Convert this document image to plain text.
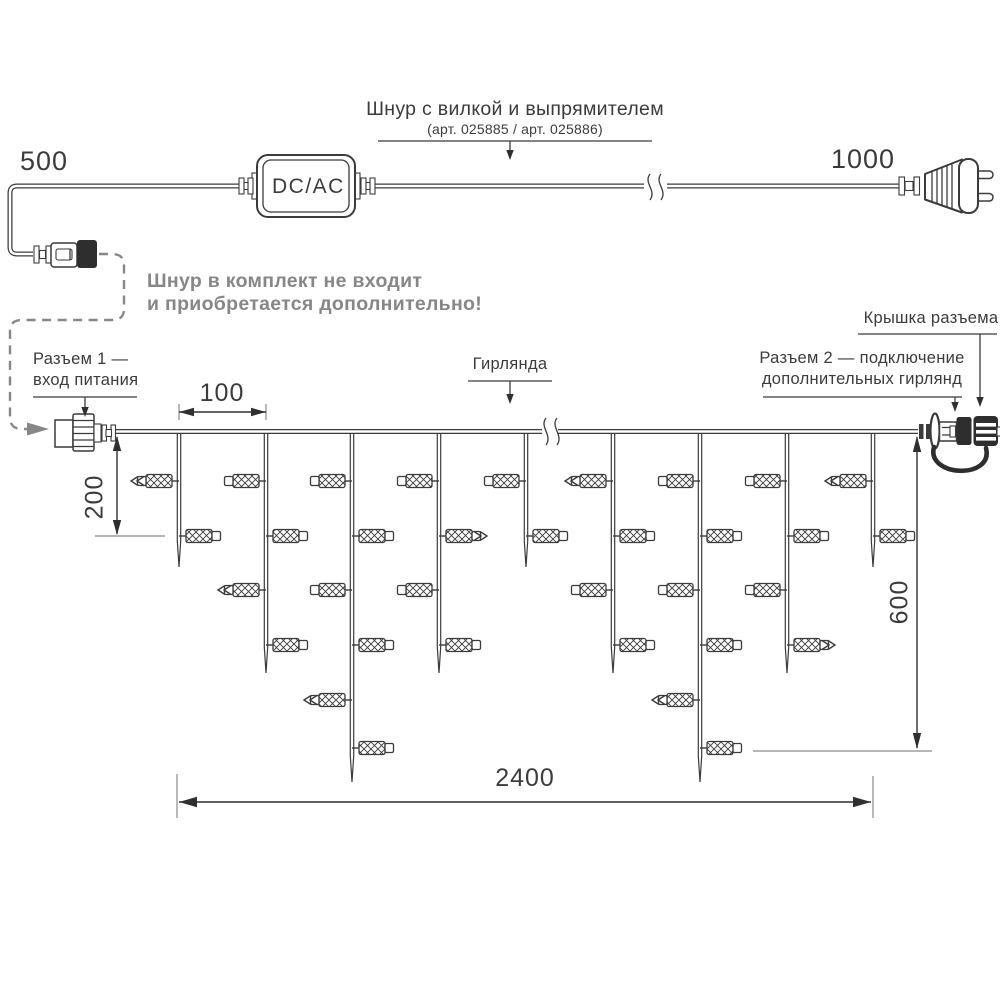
500	1000
Шнур с вилкой и выпрямителем
(арт. 025885 / арт. 025886)
DC/AC
Шнур в комплект не входит
и приобретается дополнительно!
Разъем 1 —
вход питания
Гирлянда	Разъем 2 — подключение
дополнительных гирлянд
Крышка разъема
100
200
600
2400
